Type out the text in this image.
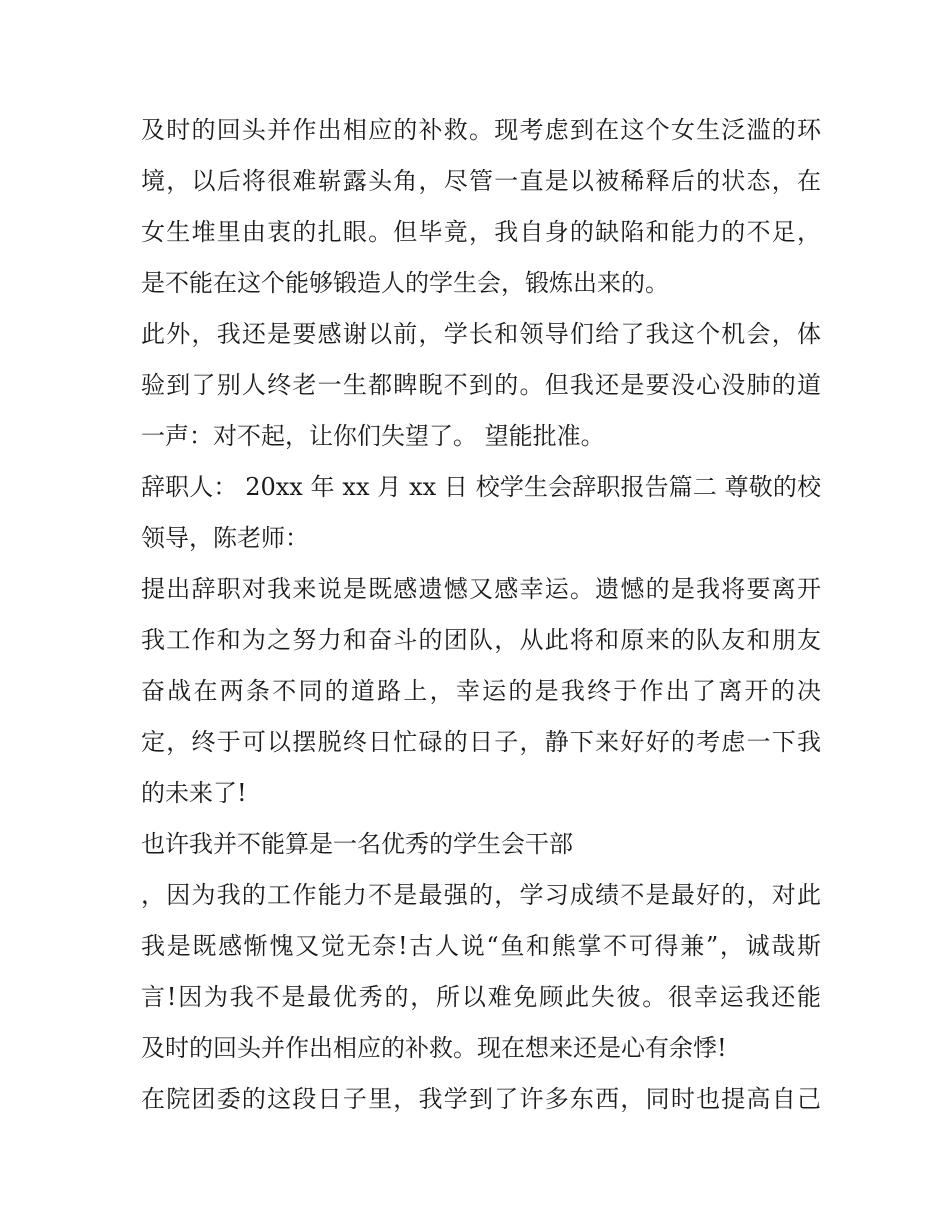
及时的回头并作出相应的补救。现考虑到在这个女生泛滥的环
境，以后将很难崭露头角，尽管一直是以被稀释后的状态，在
女生堆里由衷的扎眼。但毕竟，我自身的缺陷和能力的不足，
是不能在这个能够锻造人的学生会，锻炼出来的。
此外，我还是要感谢以前，学长和领导们给了我这个机会，体
验到了别人终老一生都睥睨不到的。但我还是要没心没肺的道
一声：对不起，让你们失望了。 望能批准。
辞职人： 20xx 年 xx 月 xx 日 校学生会辞职报告篇二 尊敬的校
领导，陈老师：
提出辞职对我来说是既感遗憾又感幸运。遗憾的是我将要离开
我工作和为之努力和奋斗的团队，从此将和原来的队友和朋友
奋战在两条不同的道路上，幸运的是我终于作出了离开的决
定，终于可以摆脱终日忙碌的日子，静下来好好的考虑一下我
的未来了!
也许我并不能算是一名优秀的学生会干部
，因为我的工作能力不是最强的，学习成绩不是最好的，对此
我是既感惭愧又觉无奈!古人说“鱼和熊掌不可得兼”，诚哉斯
言!因为我不是最优秀的，所以难免顾此失彼。很幸运我还能
及时的回头并作出相应的补救。现在想来还是心有余悸!
在院团委的这段日子里，我学到了许多东西，同时也提高自己
